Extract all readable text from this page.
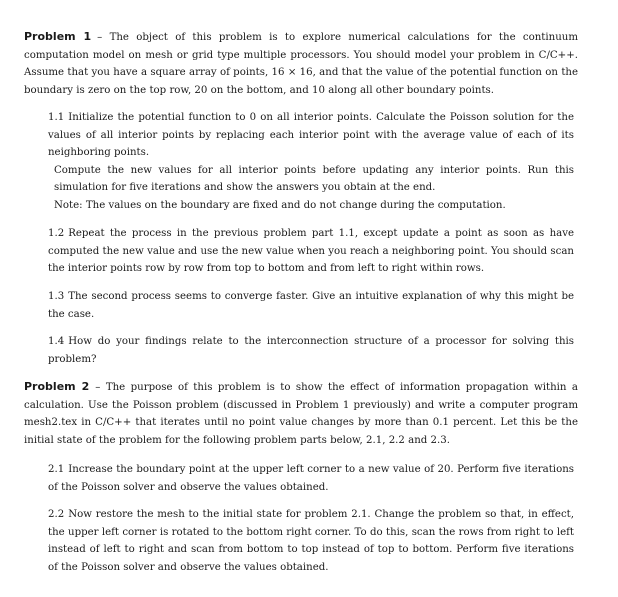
Problem 1 – The object of this problem is to explore numerical calculations for the continuum computation model on mesh or grid type multiple processors. You should model your problem in C/C++. Assume that you have a square array of points, 16 × 16, and that the value of the potential function on the boundary is zero on the top row, 20 on the bottom, and 10 along all other boundary points.
1.1 Initialize the potential function to 0 on all interior points. Calculate the Poisson solution for the values of all interior points by replacing each interior point with the average value of each of its neighboring points.
Compute the new values for all interior points before updating any interior points. Run this simulation for five iterations and show the answers you obtain at the end.
Note: The values on the boundary are fixed and do not change during the computation.
1.2 Repeat the process in the previous problem part 1.1, except update a point as soon as have computed the new value and use the new value when you reach a neighboring point. You should scan the interior points row by row from top to bottom and from left to right within rows.
1.3 The second process seems to converge faster. Give an intuitive explanation of why this might be the case.
1.4 How do your findings relate to the interconnection structure of a processor for solving this problem?
Problem 2 – The purpose of this problem is to show the effect of information propagation within a calculation. Use the Poisson problem (discussed in Problem 1 previously) and write a computer program mesh2.tex in C/C++ that iterates until no point value changes by more than 0.1 percent. Let this be the initial state of the problem for the following problem parts below, 2.1, 2.2 and 2.3.
2.1 Increase the boundary point at the upper left corner to a new value of 20. Perform five iterations of the Poisson solver and observe the values obtained.
2.2 Now restore the mesh to the initial state for problem 2.1. Change the problem so that, in effect, the upper left corner is rotated to the bottom right corner. To do this, scan the rows from right to left instead of left to right and scan from bottom to top instead of top to bottom. Perform five iterations of the Poisson solver and observe the values obtained.
